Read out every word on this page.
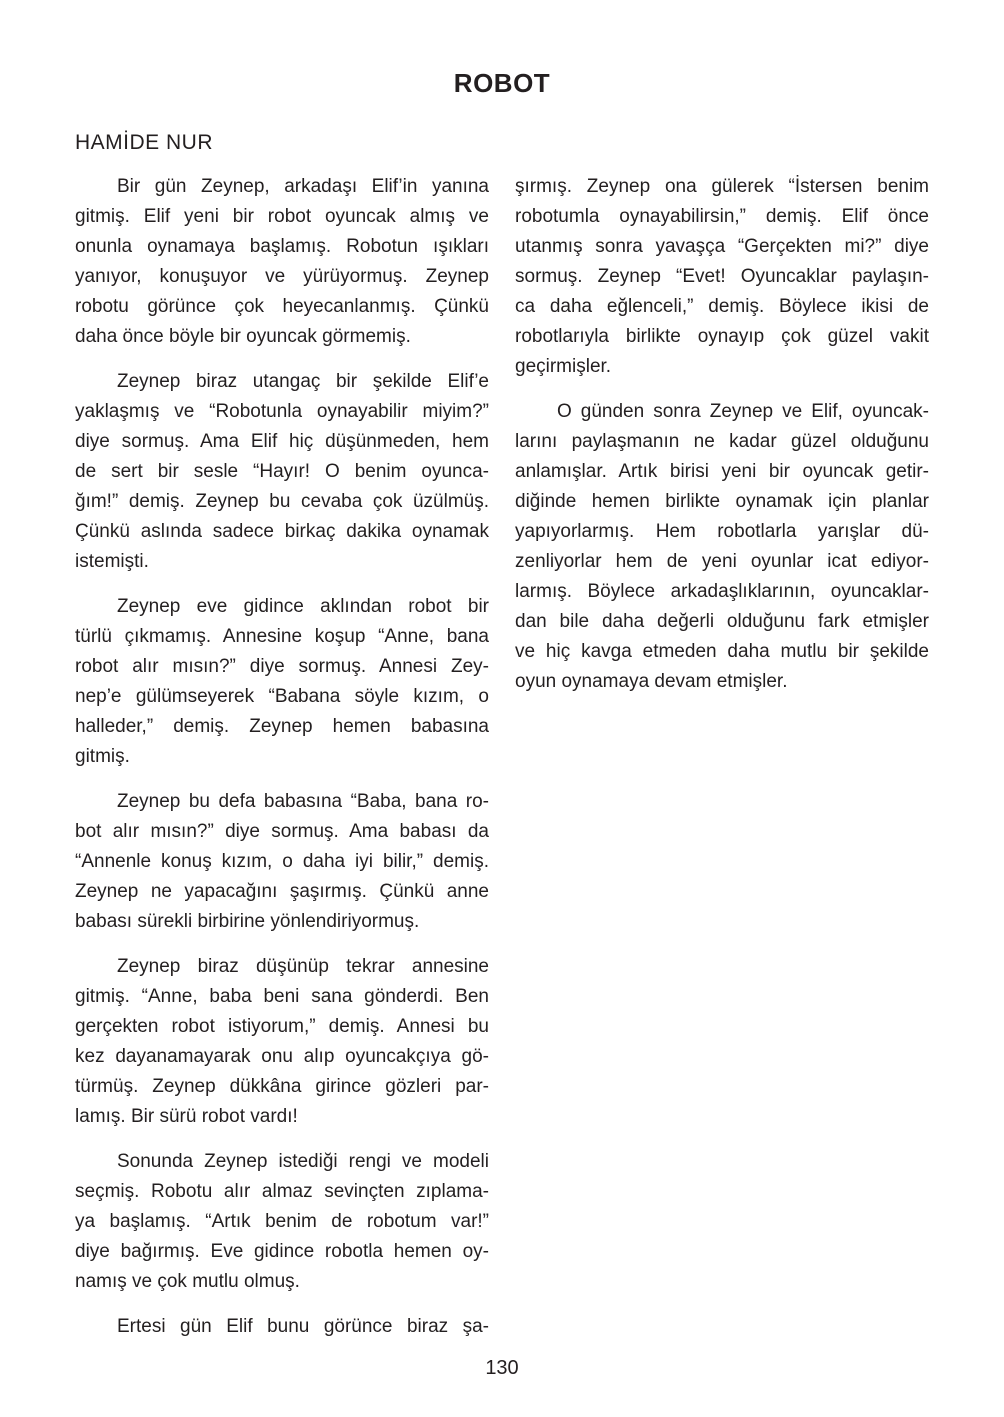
ROBOT
HAMİDE NUR

Bir gün Zeynep, arkadaşı Elif’in yanına
gitmiş. Elif yeni bir robot oyuncak almış ve
onunla oynamaya başlamış. Robotun ışıkları
yanıyor, konuşuyor ve yürüyormuş. Zeynep
robotu görünce çok heyecanlanmış. Çünkü
daha önce böyle bir oyuncak görmemiş.

Zeynep biraz utangaç bir şekilde Elif’e
yaklaşmış ve “Robotunla oynayabilir miyim?”
diye sormuş. Ama Elif hiç düşünmeden, hem
de sert bir sesle “Hayır! O benim oyunca-
ğım!” demiş. Zeynep bu cevaba çok üzülmüş.
Çünkü aslında sadece birkaç dakika oynamak
istemişti.

Zeynep eve gidince aklından robot bir
türlü çıkmamış. Annesine koşup “Anne, bana
robot alır mısın?” diye sormuş. Annesi Zey-
nep’e gülümseyerek “Babana söyle kızım, o
halleder,” demiş. Zeynep hemen babasına
gitmiş.

Zeynep bu defa babasına “Baba, bana ro-
bot alır mısın?” diye sormuş. Ama babası da
“Annenle konuş kızım, o daha iyi bilir,” demiş.
Zeynep ne yapacağını şaşırmış. Çünkü anne
babası sürekli birbirine yönlendiriyormuş.

Zeynep biraz düşünüp tekrar annesine
gitmiş. “Anne, baba beni sana gönderdi. Ben
gerçekten robot istiyorum,” demiş. Annesi bu
kez dayanamayarak onu alıp oyuncakçıya gö-
türmüş. Zeynep dükkâna girince gözleri par-
lamış. Bir sürü robot vardı!

Sonunda Zeynep istediği rengi ve modeli
seçmiş. Robotu alır almaz sevinçten zıplama-
ya başlamış. “Artık benim de robotum var!”
diye bağırmış. Eve gidince robotla hemen oy-
namış ve çok mutlu olmuş.

Ertesi gün Elif bunu görünce biraz şa-

şırmış. Zeynep ona gülerek “İstersen benim
robotumla oynayabilirsin,” demiş. Elif önce
utanmış sonra yavaşça “Gerçekten mi?” diye
sormuş. Zeynep “Evet! Oyuncaklar paylaşın-
ca daha eğlenceli,” demiş. Böylece ikisi de
robotlarıyla birlikte oynayıp çok güzel vakit
geçirmişler.

O günden sonra Zeynep ve Elif, oyuncak-
larını paylaşmanın ne kadar güzel olduğunu
anlamışlar. Artık birisi yeni bir oyuncak getir-
diğinde hemen birlikte oynamak için planlar
yapıyorlarmış. Hem robotlarla yarışlar dü-
zenliyorlar hem de yeni oyunlar icat ediyor-
larmış. Böylece arkadaşlıklarının, oyuncaklar-
dan bile daha değerli olduğunu fark etmişler
ve hiç kavga etmeden daha mutlu bir şekilde
oyun oynamaya devam etmişler.

130
